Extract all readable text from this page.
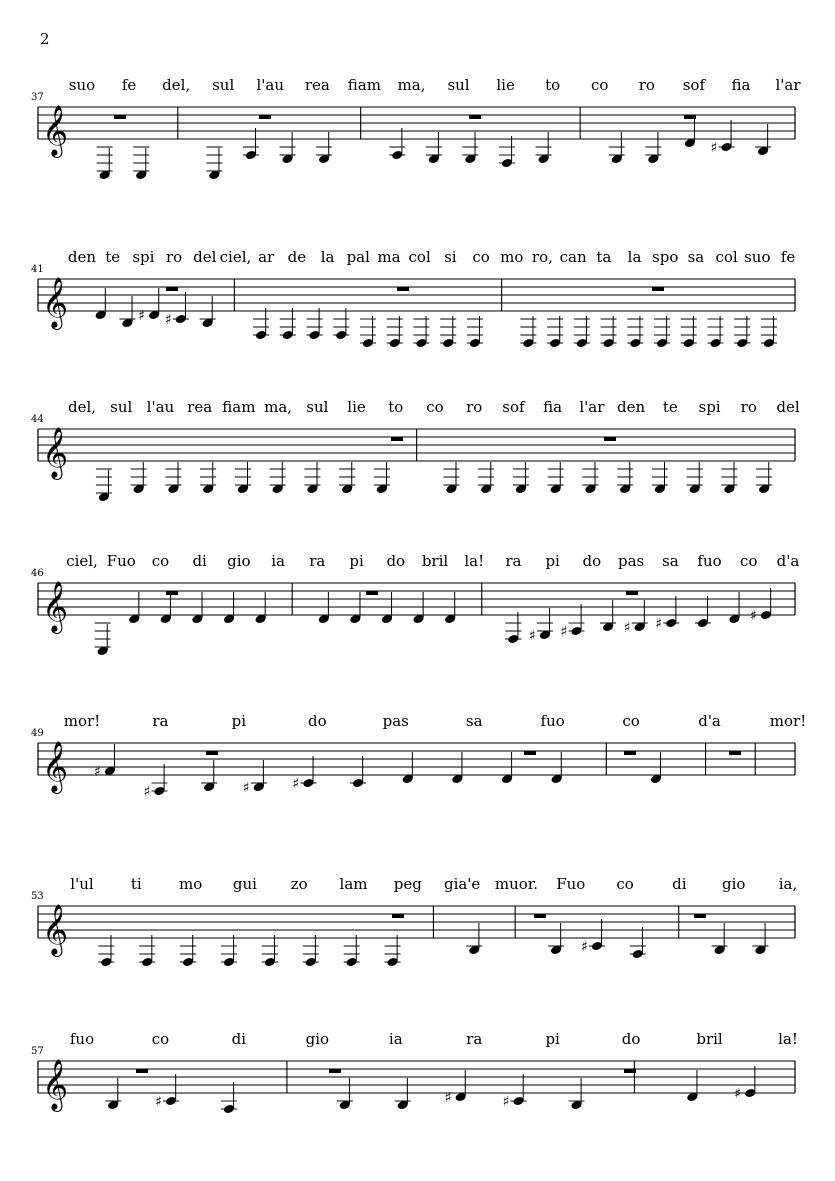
2
suo fe del, sul l'au rea fiam ma, sul lie to co ro sof fia l'ar
37
𝄞	♯
den te spi ro del ciel, ar de la pal ma col si co mo ro, can ta la spo sa col suo fe
41
𝄞	♯ ♯
del, sul l'au rea fiam ma, sul lie to co ro sof fia l'ar den te spi ro del
44
𝄞
ciel, Fuo co di gio ia ra pi do bril la! ra pi do pas sa fuo co d'a
46
𝄞
♯ ♯	♯ ♯	♯
mor!	ra	pi	do	pas	sa	fuo	co	d'a	mor!
49
𝄞 ♯
♯	♯	♯
l'ul ti mo gui zo lam peg gia'e muor. Fuo co	di gio ia,
53
𝄞	♯
fuo	co	di	gio	ia	ra	pi	do	bril	la!
57
𝄞	♯	♯	♯	♯
